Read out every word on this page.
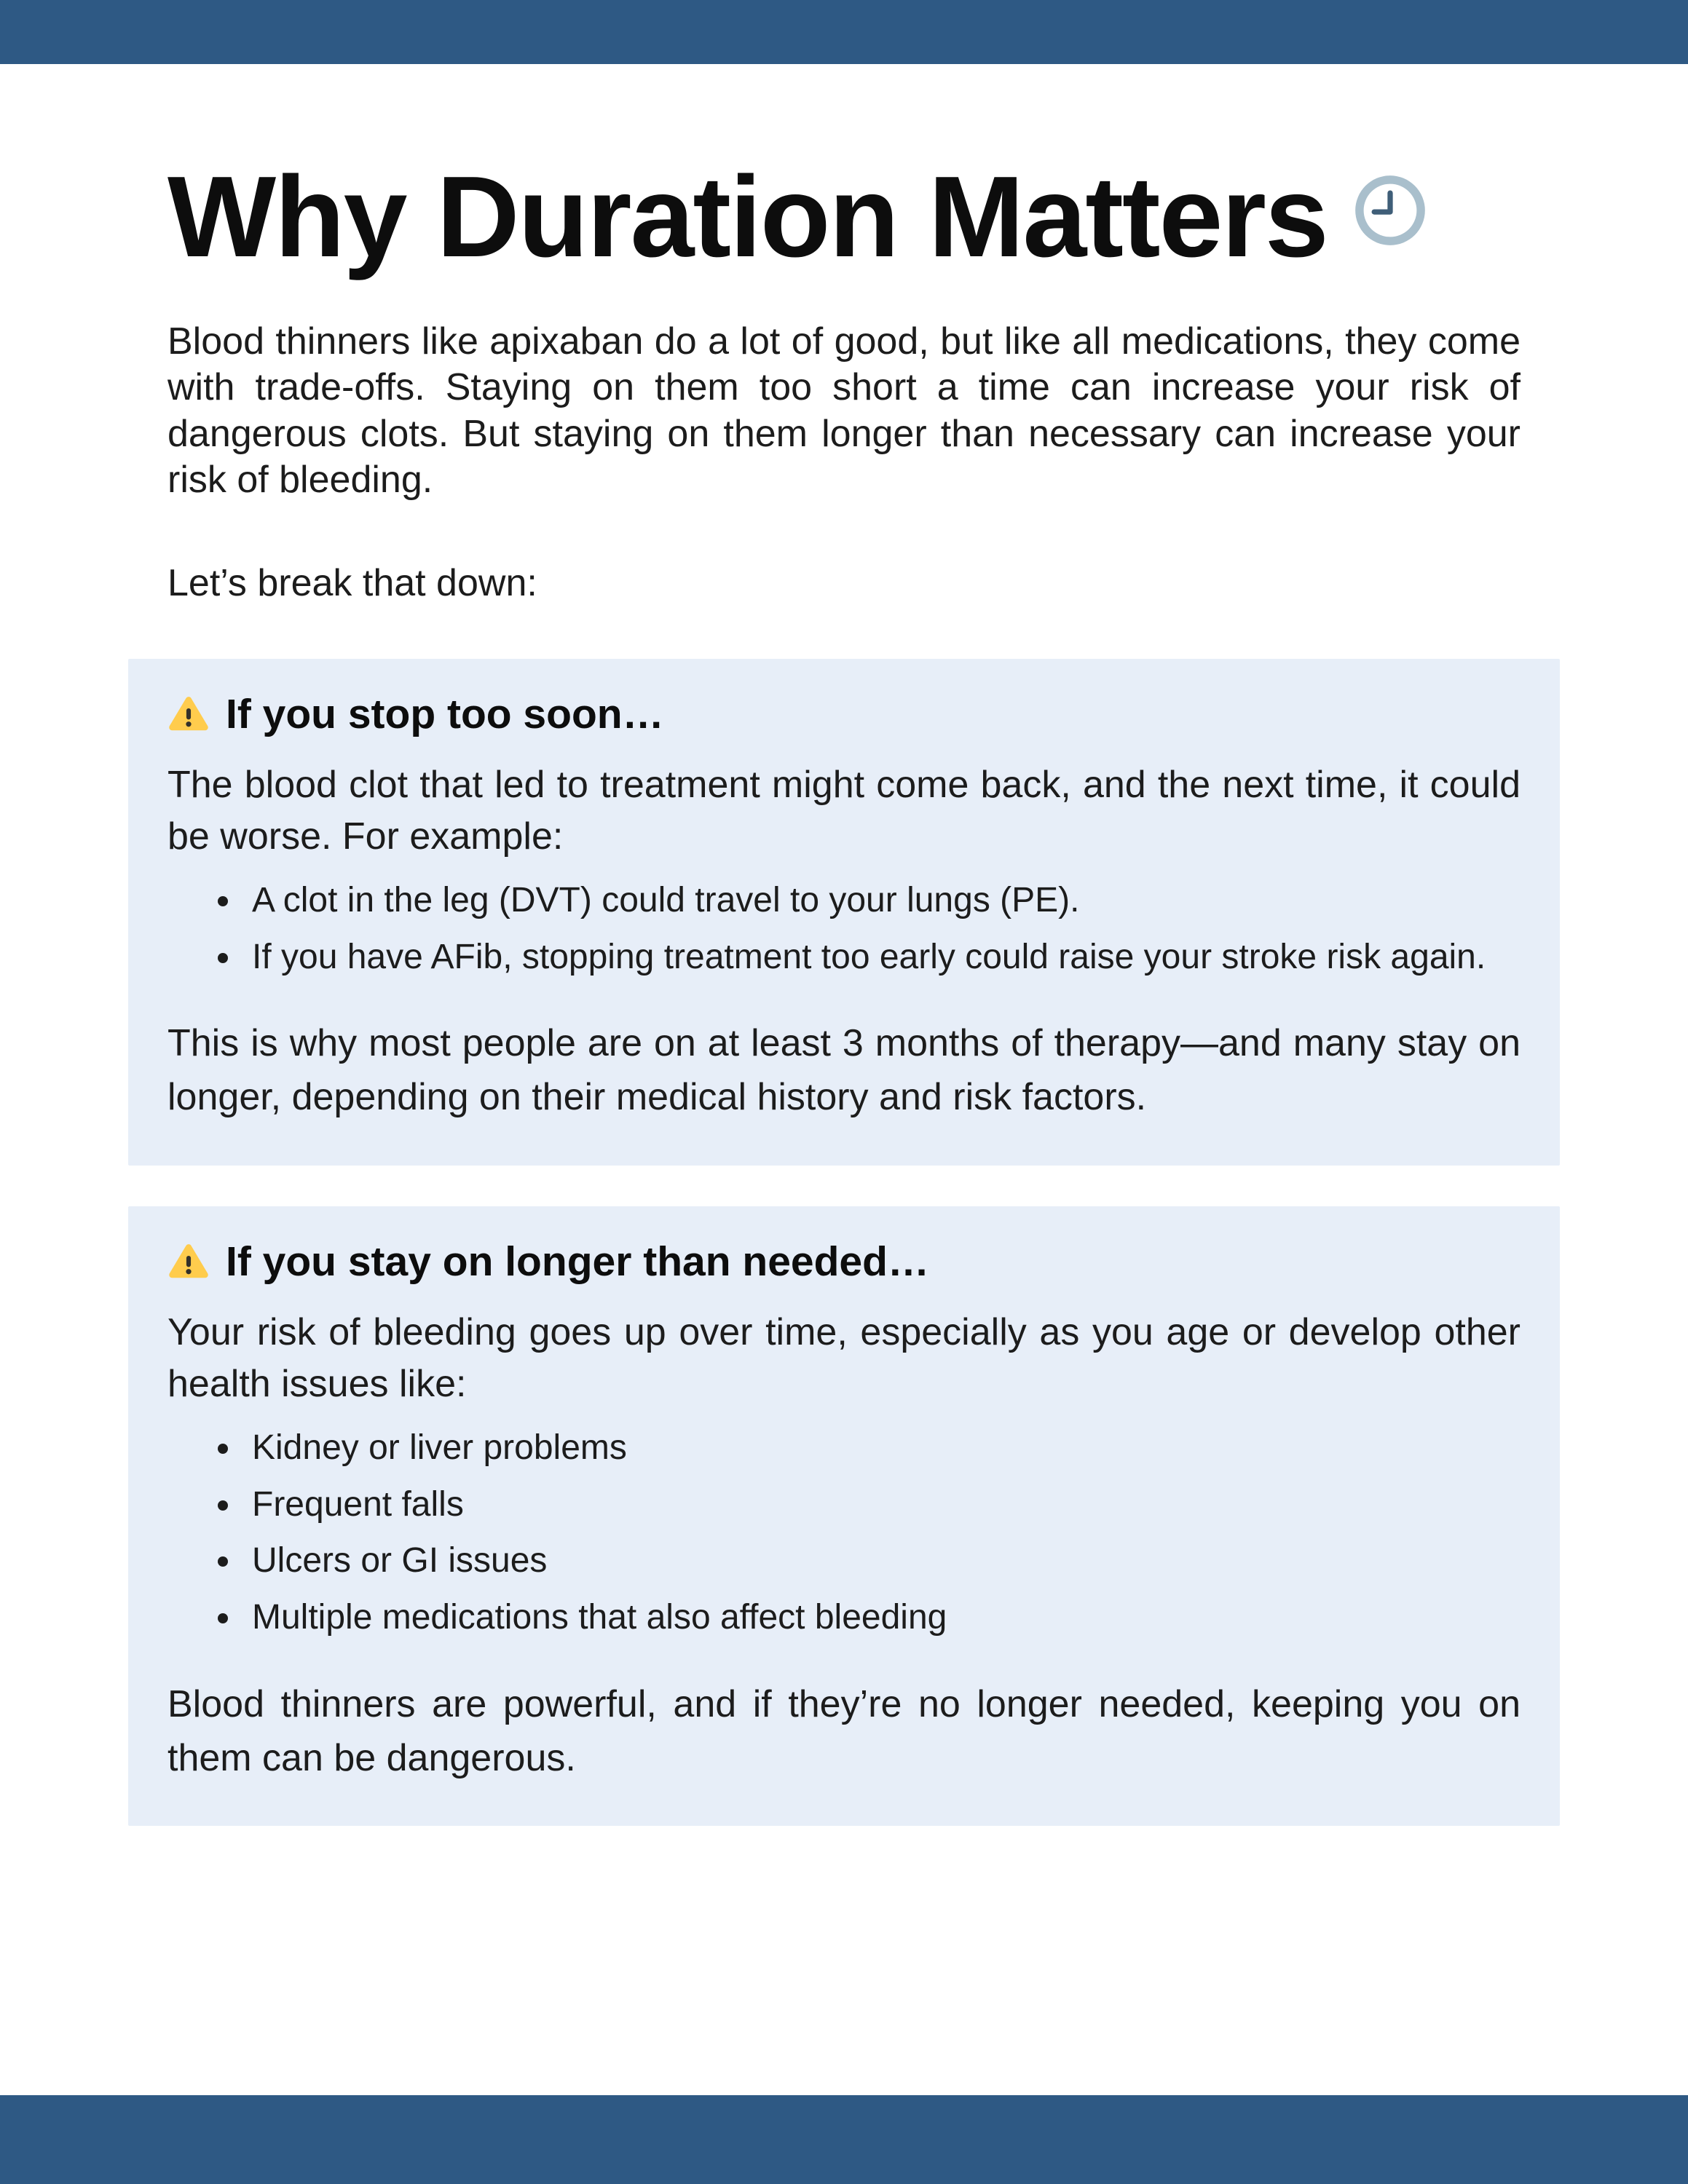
Why Duration Matters

Blood thinners like apixaban do a lot of good, but like all medications, they come with trade-offs. Staying on them too short a time can increase your risk of dangerous clots. But staying on them longer than necessary can increase your risk of bleeding.

Let’s break that down:

If you stop too soon…

The blood clot that led to treatment might come back, and the next time, it could be worse. For example:

• A clot in the leg (DVT) could travel to your lungs (PE).
• If you have AFib, stopping treatment too early could raise your stroke risk again.

This is why most people are on at least 3 months of therapy—and many stay on longer, depending on their medical history and risk factors.

If you stay on longer than needed…

Your risk of bleeding goes up over time, especially as you age or develop other health issues like:

• Kidney or liver problems
• Frequent falls
• Ulcers or GI issues
• Multiple medications that also affect bleeding

Blood thinners are powerful, and if they’re no longer needed, keeping you on them can be dangerous.
